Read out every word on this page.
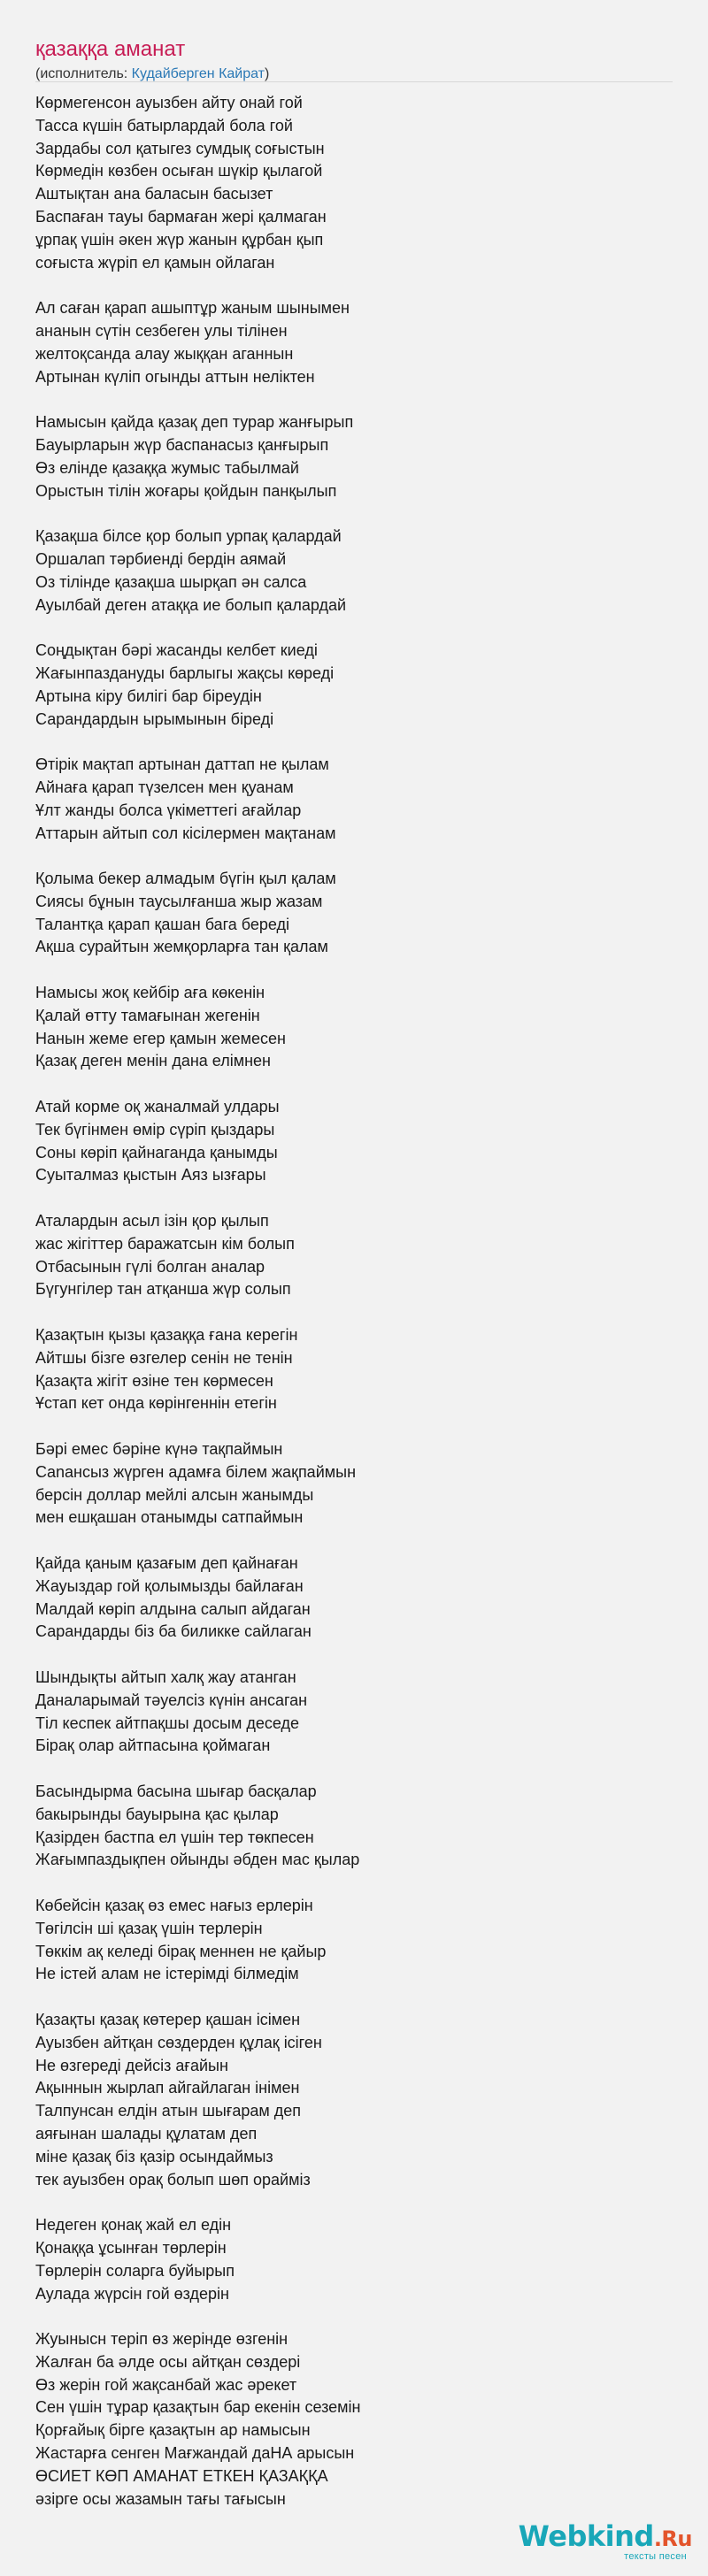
қазаққа аманат
(исполнитель: Кудайберген Кайрат)
Көрмегенсон ауызбен айту онай гой
Тасса күшін батырлардай бола гой
Зардабы сол қатыгез сумдық соғыстын
Көрмедін көзбен осыған шүкір қылагой
Аштықтан ана баласын басызет
Баспаған тауы бармаған жері қалмаган
ұрпақ үшін әкен жүр жанын құрбан қып
соғыста жүріп ел қамын ойлаган
Ал саған қарап ашыптұр жаным шынымен
ананын сүтін сезбеген улы тілінен
желтоқсанда алау жыққан аганнын
Артынан күліп огынды аттын нелiктен
Намысын қайда қазақ деп турар жанғырып
Бауырларын жүр баспанасыз қанғырып
Өз елінде қазаққа жумыс табылмай
Орыстын тілін жоғары қойдын панқылып
Қазақша білсе қор болып урпақ қалардай
Оршалап тәрбиенді бердін аямай
Оз тілінде қазақша шырқап ән салса
Ауылбай деген атаққа ие болып қалардай
Соңдықтан бәрі жасанды келбет киеді
Жағынпаздануды барлыгы жақсы көреді
Артына кіру билігі бар біреудін
Сарандардын ырымынын біреді
Өтірік мақтап артынан даттап не қылам
Айнаға қарап түзелсен мен қуанам
Ұлт жанды болса үкіметтегі ағайлар
Аттарын айтып сол кісілермен мақтанам
Қолыма бекер алмадым бүгін қыл қалам
Сиясы бұнын таусылғанша жыр жазам
Талантқа қарап қашан бага береді
Ақша сурайтын жемқорларға тан қалам
Намысы жоқ кейбір аға көкенін
Қалай өтту тамағынан жегенін
Нанын жеме егер қамын жемесен
Қазақ деген менін дана елімнен
Атай корме оқ жаналмай улдары
Тек бүгінмен өмір сүріп қыздары
Соны көріп қайнаганда қанымды
Суыталмаз қыстын Аяз ызғары
Аталардын асыл ізін қор қылып
жас жігіттер баражатсын кім болып
Отбасынын гүлі болган аналар
Бүгунгілер тан атқанша жүр солып
Қазақтын қызы қазаққа ғана керегін
Айтшы бізге өзгелер сенін не тенін
Қазақта жігіт өзіне тен көрмесен
Ұстап кет онда көрінгеннін етегін
Бәрі емес бәріне күнә тақпаймын
Сanaнсыз жүрген адамға білем жақпаймын
берсін доллар мейлі алсын жанымды
мен ешқашан отанымды сатпаймын
Қайда қаным қазағым деп қайнаған
Жауыздар гой қолымызды байлаған
Малдай көріп алдына салып айдаган
Сарандарды біз ба биликке сайлаган
Шындықты айтып халқ жау атанган
Даналарымай тәуелсіз күнін ансаган
Тіл кеспек айтпақшы досым деседе
Бірақ олар айтпасына қоймаган
Басындырма басына шығар басқалар
бакырынды бауырына қас қылар
Қазірден бастпа ел үшін тер төкпесен
Жағымпаздықпен ойынды әбден мас қылар
Көбейсін қазақ өз емес нағыз ерлерін
Төгілсін ші қазақ үшін терлерін
Төккім ақ келеді бірақ меннен не қайыр
Не істей алам не істерімді білмедім
Қазақты қазақ көтерер қашан ісімен
Ауызбен айтқан сөздерден құлақ ісіген
Не өзгереді дейсіз ағайын
Ақыннын жырлап айгайлаган інімен
Талпунсан елдін атын шығарам деп
аяғынан шалады құлатам деп
міне қазақ біз қазір осындаймыз
тек ауызбен орақ болып шөп орайміз
Недеген қонақ жай ел едін
Қонаққа ұсынған төрлерін
Төрлерін соларга буйырып
Аулада жүрсін гой өздерін
Жуынысн теріп өз жерінде өзгенін
Жалған ба әлде осы айтқан сөздері
Өз жерін гой жақсанбай жас әрекет
Сен үшін тұрар қазақтын бар екенін сеземін
Қорғайық бірге қазақтын ар намысын
Жастарға сенген Мағжандай даНА арысын
ӨСИЕТ КӨП АМАНАТ ЕТКЕН ҚАЗАҚҚА
әзірге осы жазамын тағы тағысын
Webkind.Ru
тексты песен
